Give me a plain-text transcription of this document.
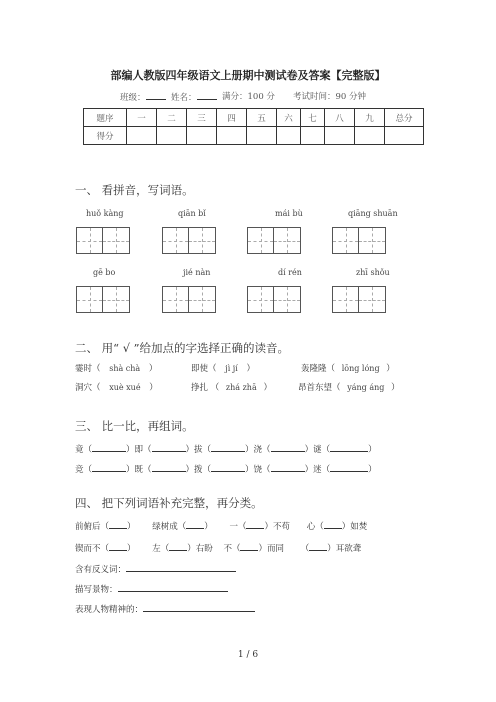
部编人教版四年级语文上册期中测试卷及答案【完整版】
班级：	姓名：	满分：100 分 考试时间：90 分钟
题序	一	二	三	四	五	六	七	八	九	总分
得分										
一、 看拼音，写词语。
huǒ kàng	qiān bǐ	mái bù	qiāng shuān
gē bo	jié nàn	dí rén	zhī shǒu
二、 用“ √ ”给加点的字选择正确的读音。
霎时（ shà chà ）	即使（ jì jí ）	轰隆隆（ lōng lóng ）
洞穴（ xuè xué ）	挣扎 （ zhá zhā ）	昂首东望（ yáng áng ）
三、 比一比，再组词。
竟（	）即（	）拔（	）浇（	）谜（	）
竞（	）既（	）拨（	）饶（	）迷（	）
四、 把下列词语补充完整，再分类。
前俯后（ ） 绿树成（ ） 一（ ）不苟 心（ ）如焚
锲而不（ ） 左（ ）右盼 不（ ）而同 （ ）耳欲聋
含有反义词：
描写景物：
表现人物精神的：
1 / 6
